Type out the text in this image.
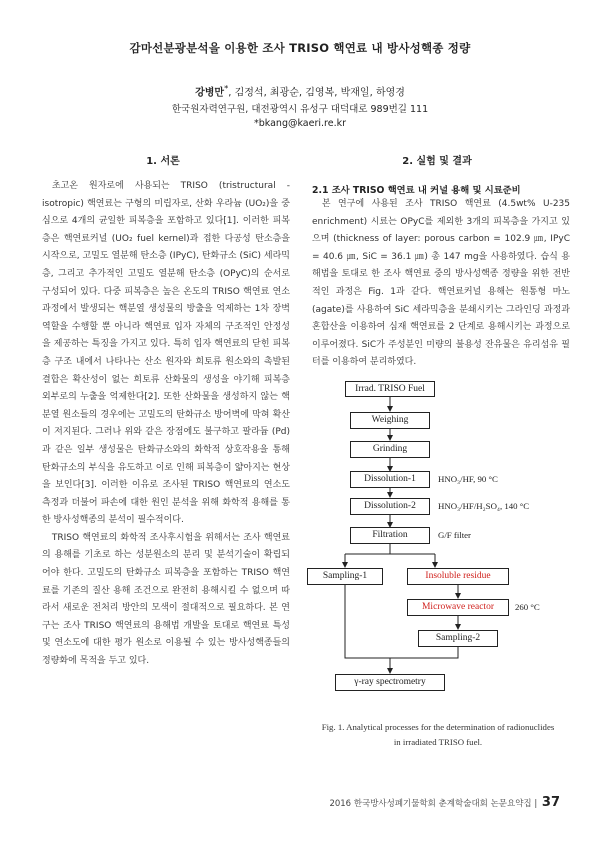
감마선분광분석을 이용한 조사 TRISO 핵연료 내 방사성핵종 정량
강병만*, 김정석, 최광순, 김영복, 박재일, 하영경
한국원자력연구원, 대전광역시 유성구 대덕대로 989번길 111
*bkang@kaeri.re.kr
1. 서론

초고온 원자로에 사용되는 TRISO (tristructural -isotropic) 핵연료는 구형의 미립자로, 산화 우라늄 (UO₂)을 중심으로 4개의 균일한 피복층을 포함하고 있다[1]. 이러한 피복층은 핵연료커널 (UO₂ fuel kernel)과 접한 다공성 탄소층을 시작으로, 고밀도 열분해 탄소층 (IPyC), 탄화규소 (SiC) 세라믹층, 그리고 추가적인 고밀도 열분해 탄소층 (OPyC)의 순서로 구성되어 있다. 다중 피복층은 높은 온도의 TRISO 핵연료 연소 과정에서 발생되는 핵분열 생성물의 방출을 억제하는 1차 장벽 역할을 수행할 뿐 아니라 핵연료 입자 자체의 구조적인 안정성을 제공하는 특징을 가지고 있다. 특히 입자 핵연료의 닫힌 피복층 구조 내에서 나타나는 산소 원자와 희토류 원소와의 촉발된 결합은 확산성이 없는 희토류 산화물의 생성을 야기해 피복층 외부로의 누출을 억제한다[2]. 또한 산화물을 생성하지 않는 핵분열 원소들의 경우에는 고밀도의 탄화규소 방어벽에 막혀 확산이 저지된다. 그러나 위와 같은 장점에도 불구하고 팔라듐 (Pd)과 같은 일부 생성물은 탄화규소와의 화학적 상호작용을 통해 탄화규소의 부식을 유도하고 이로 인해 피복층이 얇아지는 현상을 보인다[3]. 이러한 이유로 조사된 TRISO 핵연료의 연소도 측정과 더불어 파손에 대한 원인 분석을 위해 화학적 용해를 통한 방사성핵종의 분석이 필수적이다.

TRISO 핵연료의 화학적 조사후시험을 위해서는 조사 핵연료의 용해를 기초로 하는 성분원소의 분리 및 분석기술이 확립되어야 한다. 고밀도의 탄화규소 피복층을 포함하는 TRISO 핵연료를 기존의 질산 용해 조건으로 완전히 용해시킬 수 없으며 따라서 새로운 전처리 방안의 모색이 절대적으로 필요하다. 본 연구는 조사 TRISO 핵연료의 용해법 개발을 토대로 핵연료 특성 및 연소도에 대한 평가 원소로 이용될 수 있는 방사성핵종들의 정량화에 목적을 두고 있다.

2. 실험 및 결과
2.1 조사 TRISO 핵연료 내 커널 용해 및 시료준비

본 연구에 사용된 조사 TRISO 핵연료 (4.5wt% U-235 enrichment) 시료는 OPyC를 제외한 3개의 피복층을 가지고 있으며 (thickness of layer: porous carbon = 102.9 ㎛, IPyC = 40.6 ㎛, SiC = 36.1 ㎛) 총 147 mg을 사용하였다. 습식 용해법을 토대로 한 조사 핵연료 중의 방사성핵종 정량을 위한 전반적인 과정은 Fig. 1과 같다. 핵연료커널 용해는 원통형 마노 (agate)를 사용하여 SiC 세라믹층을 분쇄시키는 그라인딩 과정과 혼합산을 이용하여 심재 핵연료를 2 단계로 용해시키는 과정으로 이루어졌다. SiC가 주성분인 미량의 불용성 잔유물은 유리섬유 필터를 이용하여 분리하였다.

Irrad. TRISO Fuel
Weighing
Grinding
Dissolution-1	HNO₃/HF, 90 °C
Dissolution-2	HNO₃/HF/H₂SO₄, 140 °C
Filtration	G/F filter
Sampling-1	Insoluble residue
Microwave reactor	260 °C
Sampling-2
γ-ray spectrometry
Fig. 1. Analytical processes for the determination of radionuclides in irradiated TRISO fuel.
2016 한국방사성폐기물학회 춘계학술대회 논문요약집 | 37
